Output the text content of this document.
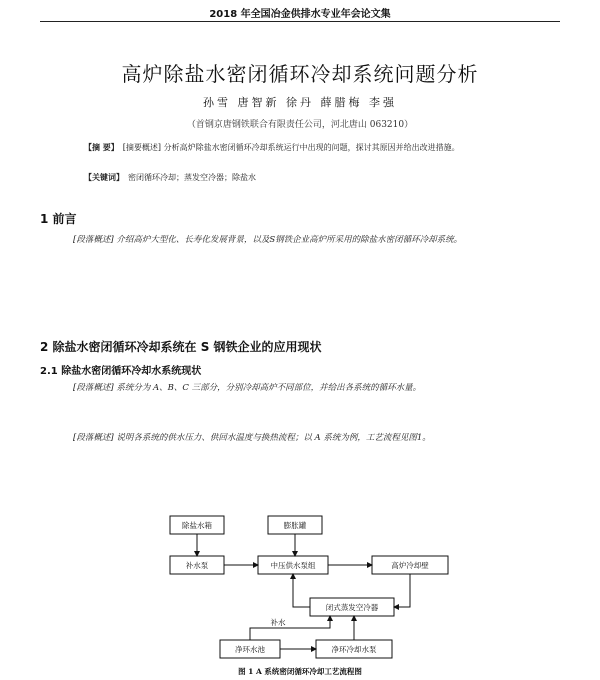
2018 年全国冶金供排水专业年会论文集
高炉除盐水密闭循环冷却系统问题分析
孙雪 唐智新 徐丹 薛腊梅 李强
（首钢京唐钢铁联合有限责任公司，河北唐山 063210）
【摘 要】 [摘要概述] 分析高炉除盐水密闭循环冷却系统运行中出现的问题，探讨其原因并给出改进措施。
【关键词】 密闭循环冷却；蒸发空冷器；除盐水
1 前言
[段落概述] 介绍高炉大型化、长寿化发展背景，以及S钢铁企业高炉所采用的除盐水密闭循环冷却系统。
2 除盐水密闭循环冷却系统在 S 钢铁企业的应用现状
2.1 除盐水密闭循环冷却水系统现状
[段落概述] 系统分为 A、B、C 三部分，分别冷却高炉不同部位，并给出各系统的循环水量。
[段落概述] 说明各系统的供水压力、供回水温度与换热流程；以 A 系统为例，工艺流程见图1。
除盐水箱	膨胀罐
补水泵	中压供水泵组	高炉冷却壁
闭式蒸发空冷器
补水
净环水池	净环冷却水泵
图 1 A 系统密闭循环冷却工艺流程图
